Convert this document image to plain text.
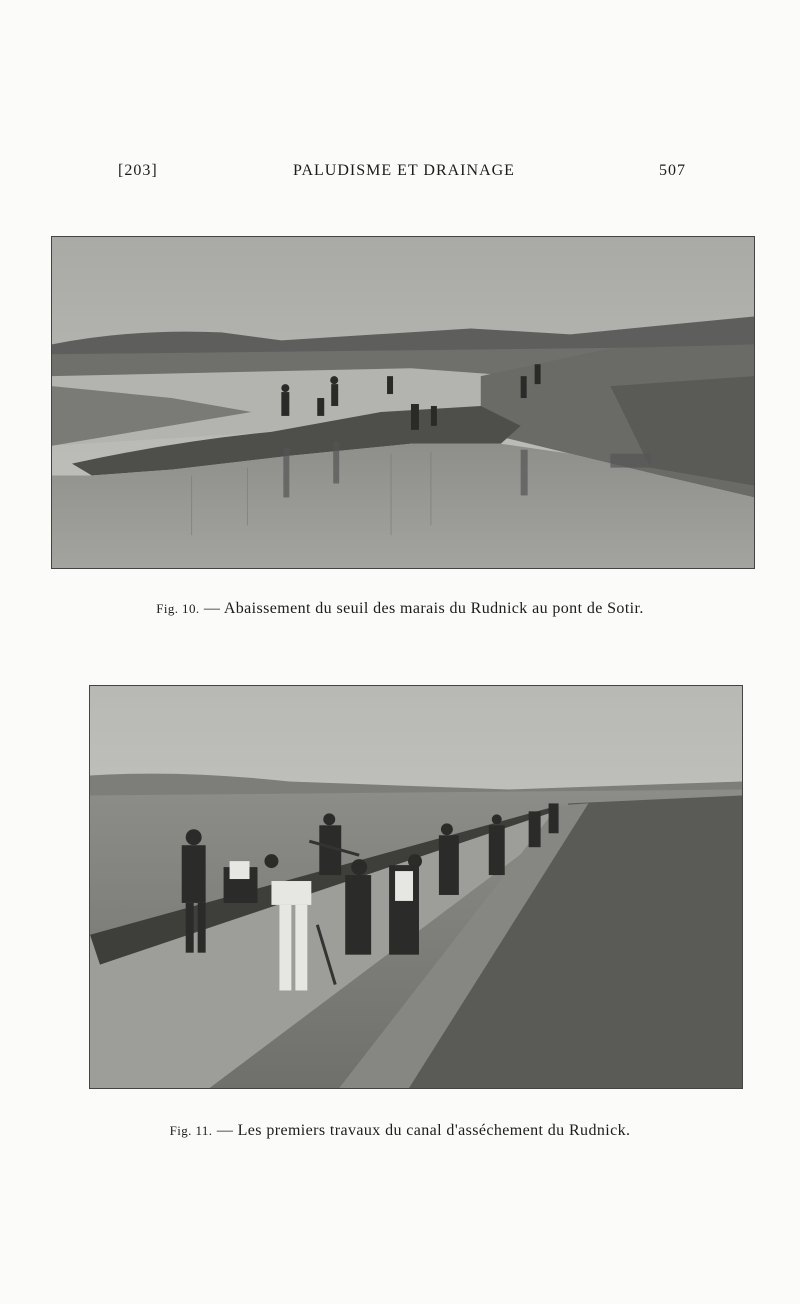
[203]	PALUDISME ET DRAINAGE	507
Fig. 10. — Abaissement du seuil des marais du Rudnick au pont de Sotir.
Fig. 11. — Les premiers travaux du canal d'asséchement du Rudnick.
